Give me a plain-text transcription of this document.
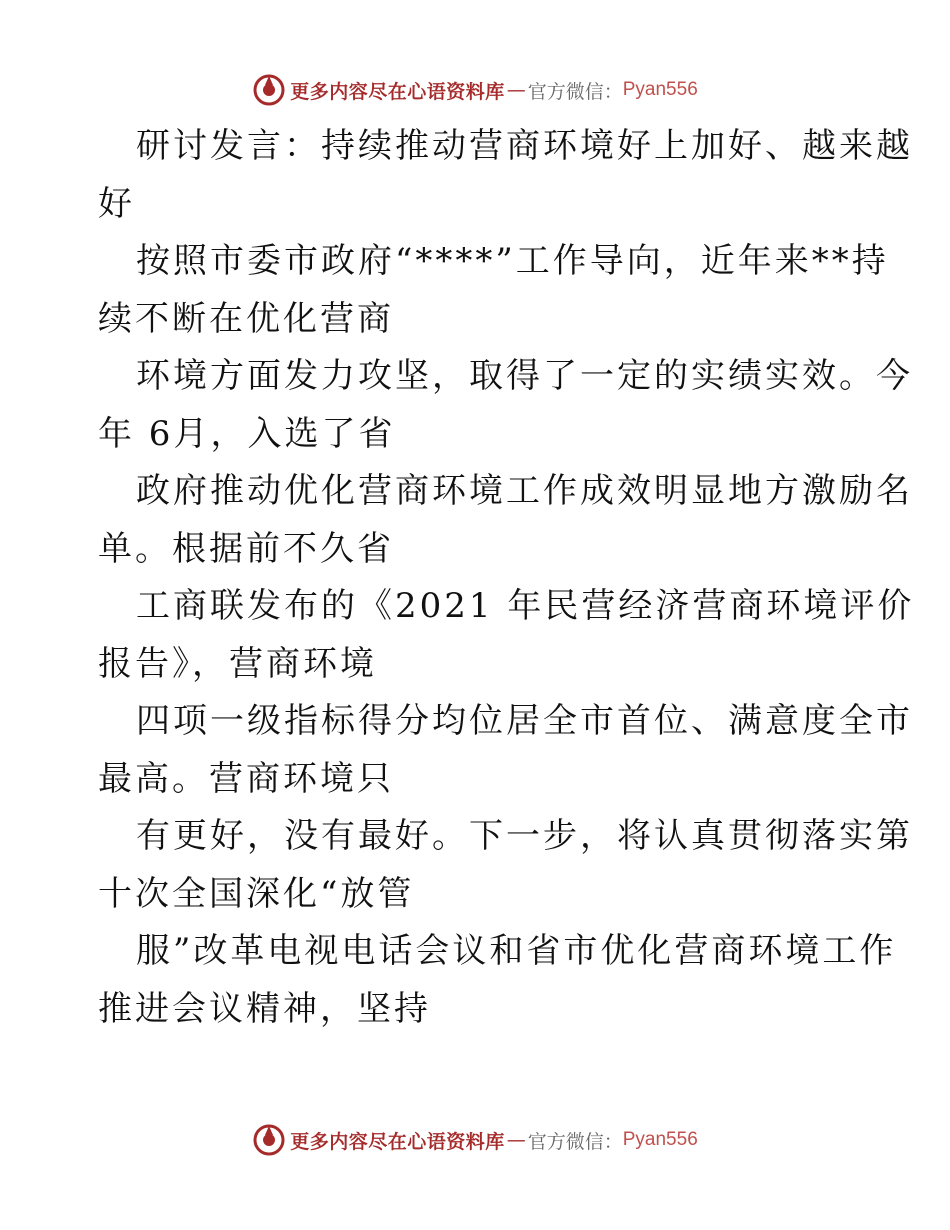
更多内容尽在心语资料库 — 官方微信： Pyan556
研讨发言：持续推动营商环境好上加好、越来越
好
按照市委市政府“****”工作导向，近年来**持
续不断在优化营商
环境方面发力攻坚，取得了一定的实绩实效。今
年 6月，入选了省
政府推动优化营商环境工作成效明显地方激励名
单。根据前不久省
工商联发布的《2021 年民营经济营商环境评价
报告》，营商环境
四项一级指标得分均位居全市首位、满意度全市
最高。营商环境只
有更好，没有最好。下一步，将认真贯彻落实第
十次全国深化“放管
服”改革电视电话会议和省市优化营商环境工作
推进会议精神，坚持
更多内容尽在心语资料库 — 官方微信： Pyan556
